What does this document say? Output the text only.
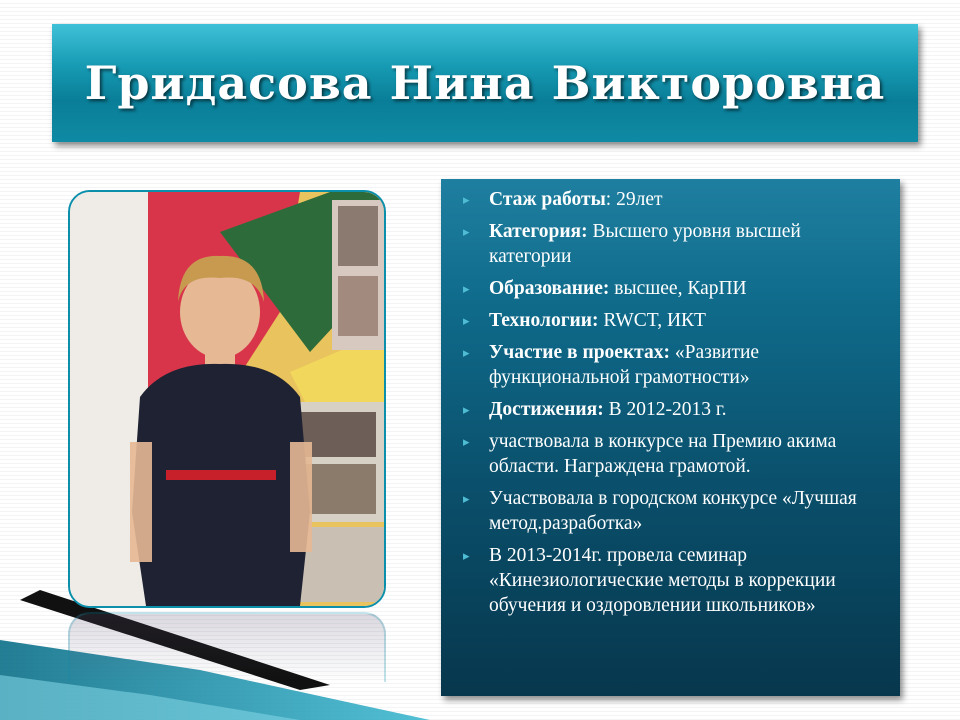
Гридасова Нина Викторовна
▸ Стаж работы: 29лет
▸ Категория: Высшего уровня высшей категории
▸ Образование: высшее, КарПИ
▸ Технологии: RWCT, ИКТ
▸ Участие в проектах: «Развитие функциональной грамотности»
▸ Достижения: В 2012-2013 г.
▸ участвовала в конкурсе на Премию акима области. Награждена грамотой.
▸ Участвовала в городском конкурсе «Лучшая метод.разработка»
▸ В 2013-2014г. провела семинар «Кинезиологические методы в коррекции обучения и оздоровлении школьников»
